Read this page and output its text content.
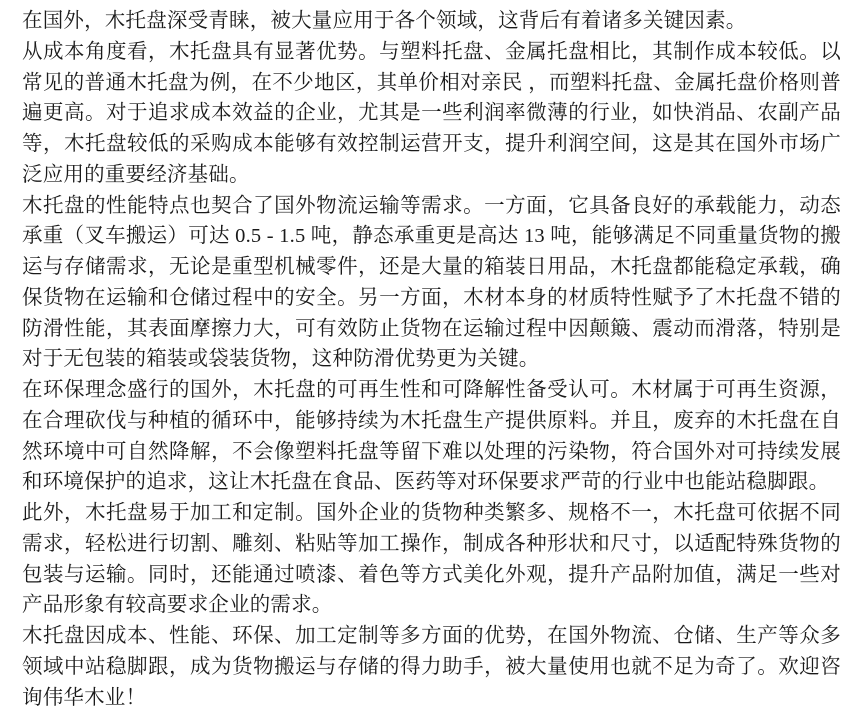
在国外，木托盘深受青睐，被大量应用于各个领域，这背后有着诸多关键因素。

从成本角度看，木托盘具有显著优势。与塑料托盘、金属托盘相比，其制作成本较低。以常见的普通木托盘为例，在不少地区，其单价相对亲民 ，而塑料托盘、金属托盘价格则普遍更高。对于追求成本效益的企业，尤其是一些利润率微薄的行业，如快消品、农副产品等，木托盘较低的采购成本能够有效控制运营开支，提升利润空间，这是其在国外市场广泛应用的重要经济基础。

木托盘的性能特点也契合了国外物流运输等需求。一方面，它具备良好的承载能力，动态承重（叉车搬运）可达 0.5 - 1.5 吨，静态承重更是高达 13 吨，能够满足不同重量货物的搬运与存储需求，无论是重型机械零件，还是大量的箱装日用品，木托盘都能稳定承载，确保货物在运输和仓储过程中的安全。另一方面，木材本身的材质特性赋予了木托盘不错的防滑性能，其表面摩擦力大，可有效防止货物在运输过程中因颠簸、震动而滑落，特别是对于无包装的箱装或袋装货物，这种防滑优势更为关键。

在环保理念盛行的国外，木托盘的可再生性和可降解性备受认可。木材属于可再生资源，在合理砍伐与种植的循环中，能够持续为木托盘生产提供原料。并且，废弃的木托盘在自然环境中可自然降解，不会像塑料托盘等留下难以处理的污染物，符合国外对可持续发展和环境保护的追求，这让木托盘在食品、医药等对环保要求严苛的行业中也能站稳脚跟。

此外，木托盘易于加工和定制。国外企业的货物种类繁多、规格不一，木托盘可依据不同需求，轻松进行切割、雕刻、粘贴等加工操作，制成各种形状和尺寸，以适配特殊货物的包装与运输。同时，还能通过喷漆、着色等方式美化外观，提升产品附加值，满足一些对产品形象有较高要求企业的需求。

木托盘因成本、性能、环保、加工定制等多方面的优势，在国外物流、仓储、生产等众多领域中站稳脚跟，成为货物搬运与存储的得力助手，被大量使用也就不足为奇了。欢迎咨询伟华木业！
